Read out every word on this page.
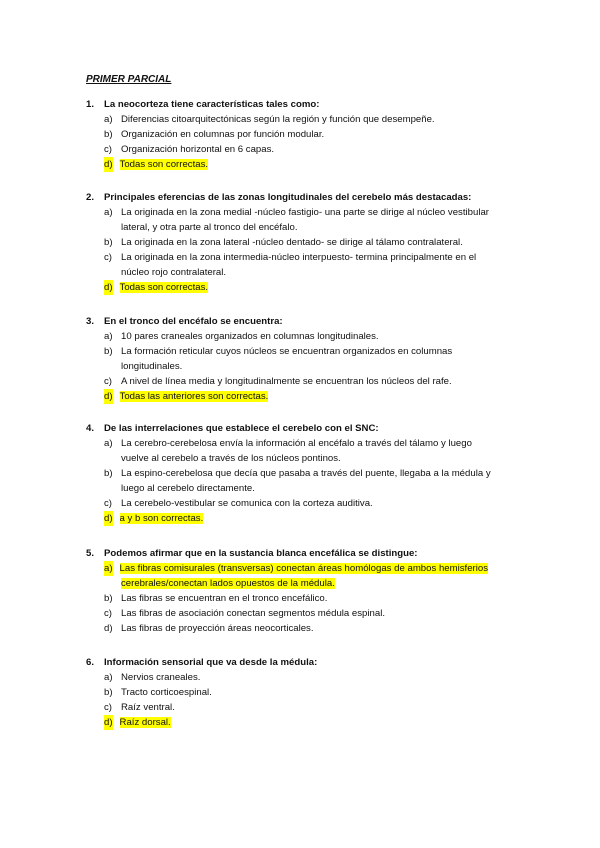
PRIMER PARCIAL
1.	La neocorteza tiene características tales como:
a) Diferencias citoarquitectónicas según la región y función que desempeñe.
b) Organización en columnas por función modular.
c) Organización horizontal en 6 capas.
d) Todas son correctas.
2.	Principales eferencias de las zonas longitudinales del cerebelo más destacadas:
a) La originada en la zona medial -núcleo fastigio- una parte se dirige al núcleo vestibular
lateral, y otra parte al tronco del encéfalo.
b) La originada en la zona lateral -núcleo dentado- se dirige al tálamo contralateral.
c) La originada en la zona intermedia-núcleo interpuesto- termina principalmente en el
núcleo rojo contralateral.
d) Todas son correctas.
3.	En el tronco del encéfalo se encuentra:
a) 10 pares craneales organizados en columnas longitudinales.
b) La formación reticular cuyos núcleos se encuentran organizados en columnas
longitudinales.
c) A nivel de línea media y longitudinalmente se encuentran los núcleos del rafe.
d) Todas las anteriores son correctas.
4.	De las interrelaciones que establece el cerebelo con el SNC:
a) La cerebro-cerebelosa envía la información al encéfalo a través del tálamo y luego
vuelve al cerebelo a través de los núcleos pontinos.
b) La espino-cerebelosa que decía que pasaba a través del puente, llegaba a la médula y
luego al cerebelo directamente.
c) La cerebelo-vestibular se comunica con la corteza auditiva.
d) a y b son correctas.
5.	Podemos afirmar que en la sustancia blanca encefálica se distingue:
a) Las fibras comisurales (transversas) conectan áreas homólogas de ambos hemisferios
cerebrales/conectan lados opuestos de la médula.
b) Las fibras se encuentran en el tronco encefálico.
c) Las fibras de asociación conectan segmentos médula espinal.
d) Las fibras de proyección áreas neocorticales.
6.	Información sensorial que va desde la médula:
a) Nervios craneales.
b) Tracto corticoespinal.
c) Raíz ventral.
d) Raíz dorsal.
